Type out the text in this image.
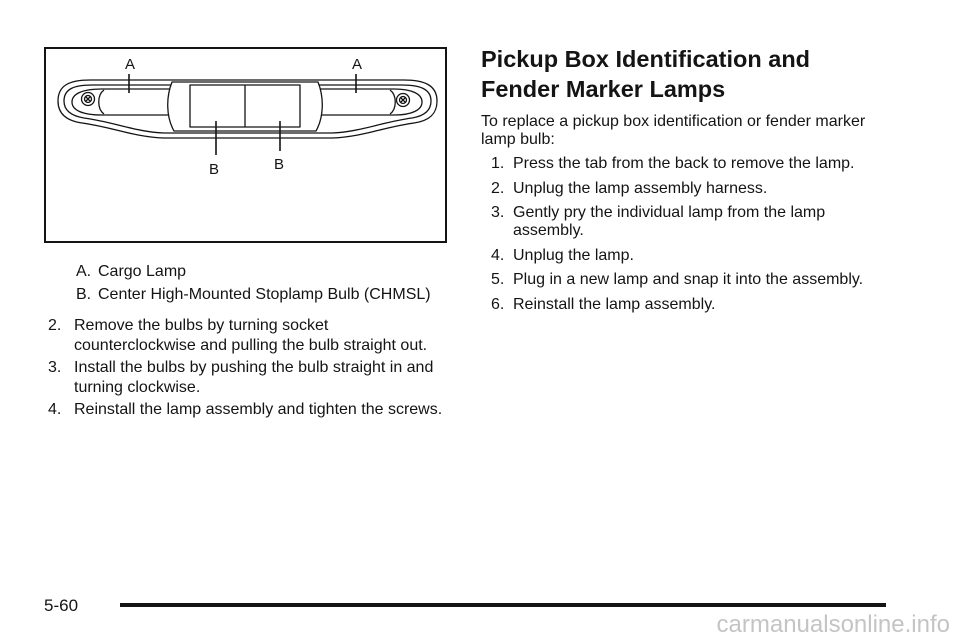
A	A
B	B
A. Cargo Lamp
B. Center High-Mounted Stoplamp Bulb (CHMSL)
2. Remove the bulbs by turning socket counterclockwise and pulling the bulb straight out.
3. Install the bulbs by pushing the bulb straight in and turning clockwise.
4. Reinstall the lamp assembly and tighten the screws.
Pickup Box Identification and Fender Marker Lamps
To replace a pickup box identification or fender marker lamp bulb:
1. Press the tab from the back to remove the lamp.
2. Unplug the lamp assembly harness.
3. Gently pry the individual lamp from the lamp assembly.
4. Unplug the lamp.
5. Plug in a new lamp and snap it into the assembly.
6. Reinstall the lamp assembly.
5-60
carmanualsonline.info
